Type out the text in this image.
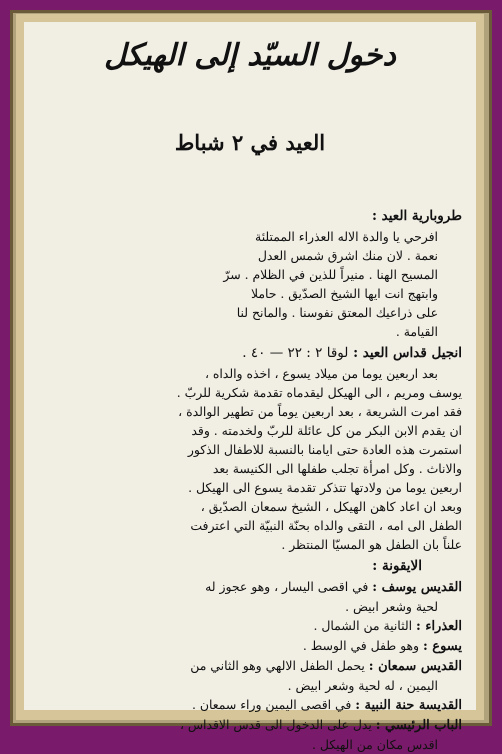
دخول السيّد إلى الهيكل
العيد في ٢ شباط
طروبارية العيد :

افرحي يا والدة الاله العذراء الممتلئة

نعمة . لان منك اشرق شمس العدل

المسيح الهنا . منيراً للذين في الظلام . سرّ

وابتهج انت ايها الشيخ الصدّيق . حاملا

على ذراعيك المعتق نفوسنا . والمانح لنا

القيامة .

انجيل قداس العيد : لوقا ٢ : ٢٢ — ٤٠ .

بعد اربعين يوما من ميلاد يسوع ، اخذه والداه ،

يوسف ومريم ، الى الهيكل ليقدماه تقدمة شكرية للربّ .

فقد امرت الشريعة ، بعد اربعين يوماً من تطهير الوالدة ،

ان يقدم الابن البكر من كل عائلة للربّ ولخدمته . وقد

استمرت هذه العادة حتى ايامنا بالنسبة للاطفال الذكور

والاناث . وكل امرأة تجلب طفلها الى الكنيسة بعد

اربعين يوما من ولادتها تتذكر تقدمة يسوع الى الهيكل .

وبعد ان اعاد كاهن الهيكل ، الشيخ سمعان الصدّيق ،

الطفل الى امه ، التقى والداه بحنّة النبيّة التي اعترفت

علناً بان الطفل هو المسيّا المنتظر .

الايقونة :
القديس يوسف : في اقصى اليسار ، وهو عجوز له
لحية وشعر ابيض .
العذراء : الثانية من الشمال .
يسوع : وهو طفل في الوسط .
القديس سمعان : يحمل الطفل الالهي وهو الثاني من
اليمين ، له لحية وشعر ابيض .
القديسة حنة النبية : في اقصى اليمين وراء سمعان .
الباب الرئيسي : يدل على الدخول الى قدس الاقداس ،
اقدس مكان من الهيكل .
